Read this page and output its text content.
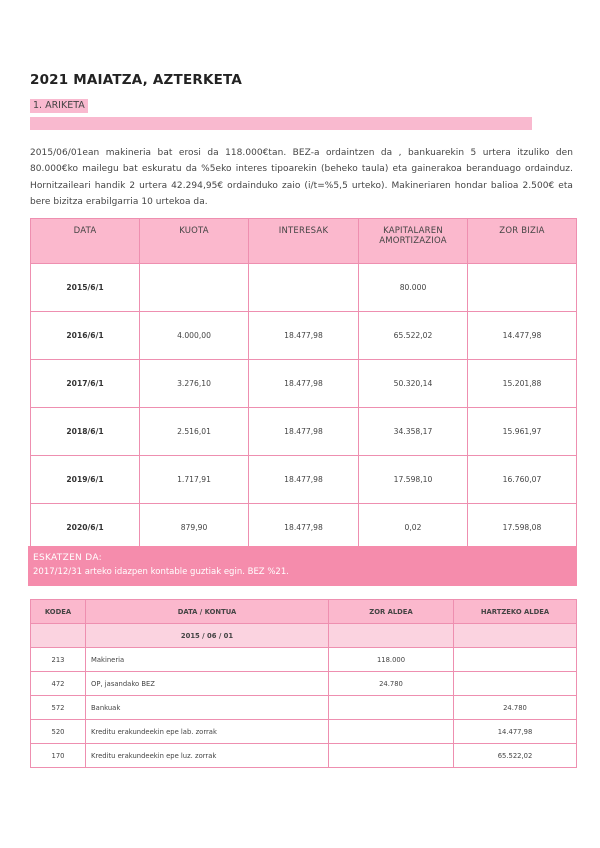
2021 MAIATZA, AZTERKETA
1. ARIKETA

2015/06/01ean makineria bat erosi da 118.000€tan. BEZ-a ordaintzen da , bankuarekin 5 urtera itzuliko den 80.000€ko mailegu bat eskuratu da %5eko interes tipoarekin (beheko taula) eta gainerakoa beranduago ordainduz. Hornitzaileari handik 2 urtera 42.294,95€ ordainduko zaio (i/t=%5,5 urteko). Makineriaren hondar balioa 2.500€ eta bere bizitza erabilgarria 10 urtekoa da.

DATA	KUOTA	INTERESAK	KAPITALAREN AMORTIZAZIOA	ZOR BIZIA
2015/6/1			80.000	
2016/6/1	4.000,00	18.477,98	65.522,02	14.477,98
2017/6/1	3.276,10	18.477,98	50.320,14	15.201,88
2018/6/1	2.516,01	18.477,98	34.358,17	15.961,97
2019/6/1	1.717,91	18.477,98	17.598,10	16.760,07
2020/6/1	879,90	18.477,98	0,02	17.598,08
ESKATZEN DA:
2017/12/31 arteko idazpen kontable guztiak egin. BEZ %21.
KODEA	DATA / KONTUA	ZOR ALDEA	HARTZEKO ALDEA
	2015 / 06 / 01		
213	Makineria	118.000	
472	OP, jasandako BEZ	24.780	
572	Bankuak		24.780
520	Kreditu erakundeekin epe lab. zorrak		14.477,98
170	Kreditu erakundeekin epe luz. zorrak		65.522,02
